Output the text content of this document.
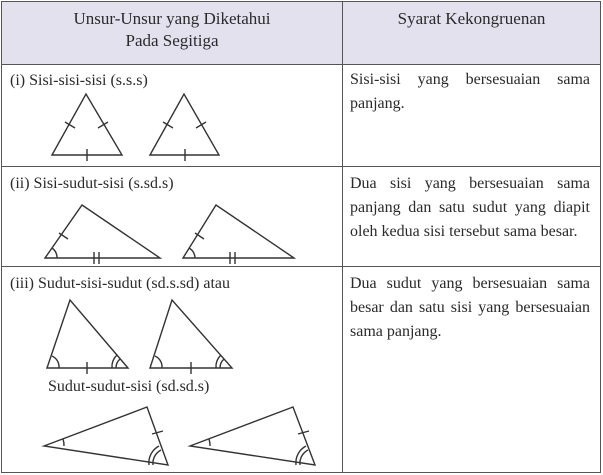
Unsur-Unsur yang Diketahui
Pada Segitiga
Syarat Kekongruenan
(i) Sisi-sisi-sisi (s.s.s)
(ii) Sisi-sudut-sisi (s.sd.s)
(iii) Sudut-sisi-sudut (sd.s.sd) atau
Sudut-sudut-sisi (sd.sd.s)
Sisi-sisi yang bersesuaian sama panjang.
Dua sisi yang bersesuaian sama panjang dan satu sudut yang diapit oleh kedua sisi tersebut sama besar.
Dua sudut yang bersesuaian sama besar dan satu sisi yang bersesuaian sama panjang.
